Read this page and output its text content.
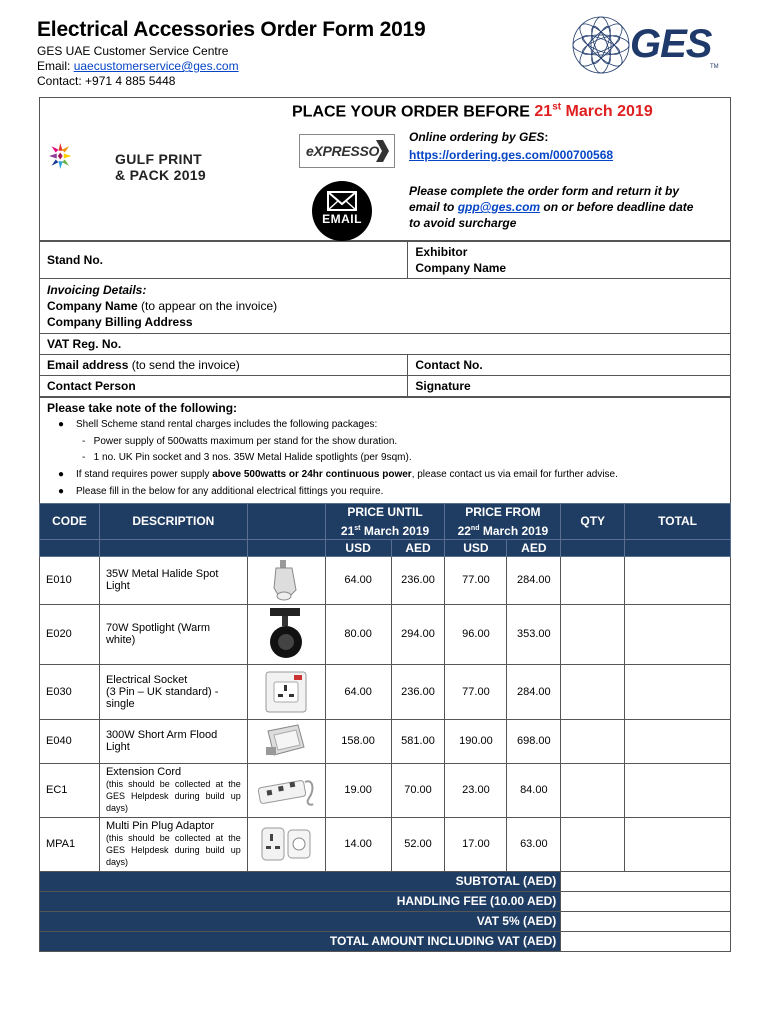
Electrical Accessories Order Form 2019
GES UAE Customer Service Centre
Email: uaecustomerservice@ges.com
Contact: +971 4 885 5448
GES
TM
PLACE YOUR ORDER BEFORE 21st March 2019
GULF PRINT
& PACK 2019
eXPRESSO
Online ordering by GES:
https://ordering.ges.com/000700568
EMAIL
Please complete the order form and return it by email to gpp@ges.com on or before deadline date to avoid surcharge
Stand No.	Exhibitor Company Name

Invoicing Details:
Company Name (to appear on the invoice)
Company Billing Address	

VAT Reg. No.	
Email address (to send the invoice)	Contact No.
Contact Person	Signature
Please take note of the following:
● Shell Scheme stand rental charges includes the following packages:
-   Power supply of 500watts maximum per stand for the show duration.
-   1 no. UK Pin socket and 3 nos. 35W Metal Halide spotlights (per 9sqm).
● If stand requires power supply above 500watts or 24hr continuous power, please contact us via email for further advise.
● Please fill in the below for any additional electrical fittings you require.
CODE	DESCRIPTION		PRICE UNTIL		PRICE FROM		QTY	TOTAL
			21st March 2019		22nd March 2019			
			USD	AED	USD	AED		
E010	35W Metal Halide Spot Light		64.00	236.00	77.00	284.00		
E020	70W Spotlight (Warm white)		80.00	294.00	96.00	353.00		
E030	Electrical Socket
(3 Pin – UK standard) - single		64.00	236.00	77.00	284.00		
E040	300W Short Arm Flood Light		158.00	581.00	190.00	698.00		
EC1	Extension Cord
(this should be collected at the GES Helpdesk during build up days)		19.00	70.00	23.00	84.00		
MPA1	Multi Pin Plug Adaptor
(this should be collected at the GES Helpdesk during build up days)		14.00	52.00	17.00	63.00		
SUBTOTAL (AED)								
HANDLING FEE (10.00 AED)								
VAT 5% (AED)								
TOTAL AMOUNT INCLUDING VAT (AED)								
